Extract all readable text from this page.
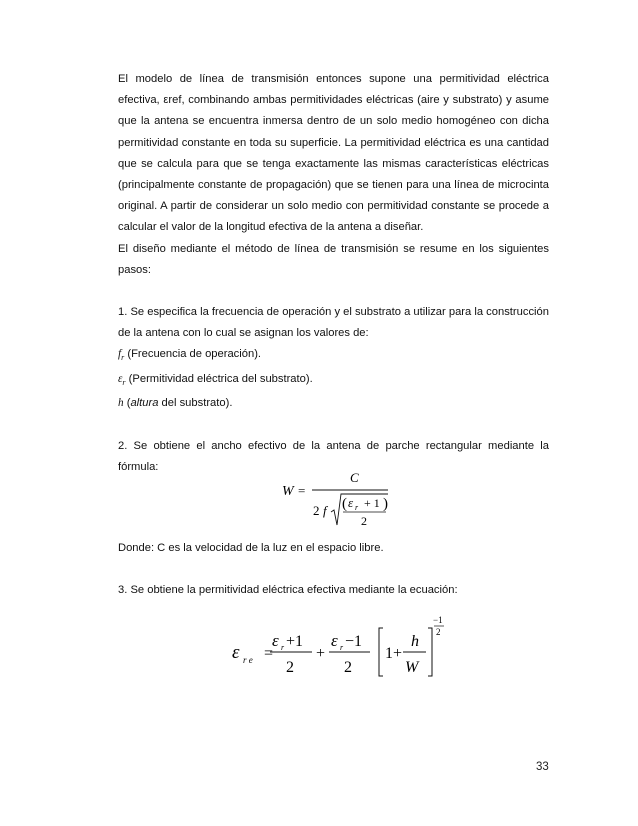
El modelo de línea de transmisión entonces supone una permitividad eléctrica efectiva, εref, combinando ambas permitividades eléctricas (aire y substrato) y asume que la antena se encuentra inmersa dentro de un solo medio homogéneo con dicha permitividad constante en toda su superficie. La permitividad eléctrica es una cantidad que se calcula para que se tenga exactamente las mismas características eléctricas (principalmente constante de propagación) que se tienen para una línea de microcinta original. A partir de considerar un solo medio con permitividad constante se procede a calcular el valor de la longitud efectiva de la antena a diseñar.

El diseño mediante el método de línea de transmisión se resume en los siguientes pasos:

1. Se especifica la frecuencia de operación y el substrato a utilizar para la construcción de la antena con lo cual se asignan los valores de:

$f_r$ (Frecuencia de operación).

$\varepsilon_r$ (Permitividad eléctrica del substrato).

h (altura del substrato).

2. Se obtiene el ancho efectivo de la antena de parche rectangular mediante la fórmula:

W =
C
2 f ( ε r + 1 )
2

Donde: C es la velocidad de la luz en el espacio libre.

3. Se obtiene la permitividad eléctrica efectiva mediante la ecuación:

ε r e =
ε r +1
2
+
ε r −1
2
1+
h
W
−1
2
33
